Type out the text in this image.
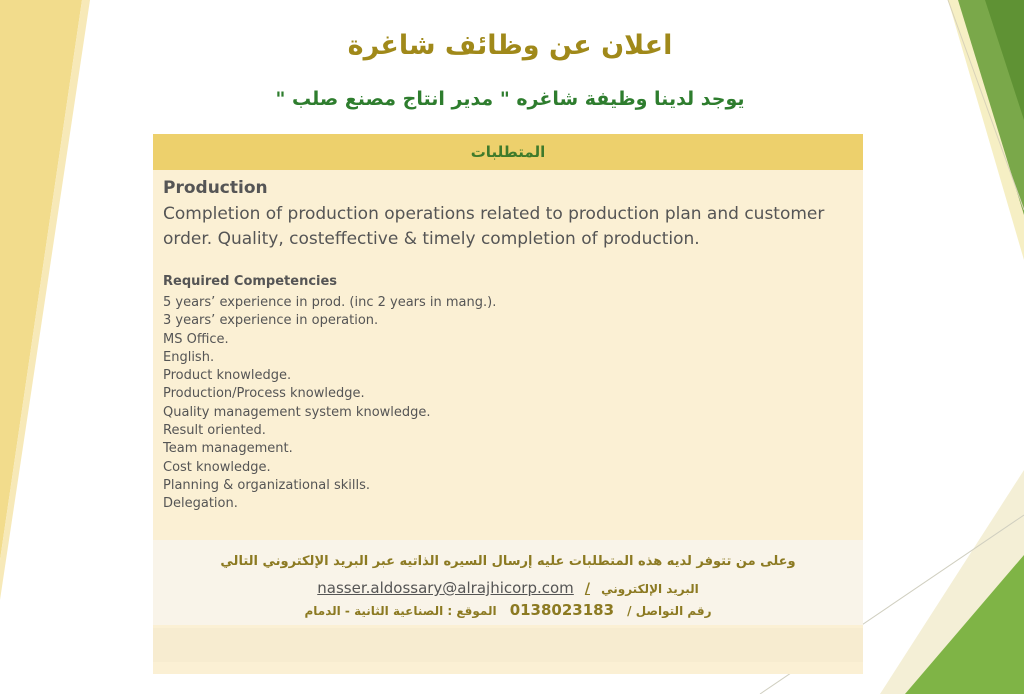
اعلان عن وظائف شاغرة
يوجد لدينا وظيفة شاغره " مدير انتاج مصنع صلب "
المتطلبات
Production
Completion of production operations related to production plan and customer order. Quality, costeffective & timely completion of production.
Required Competencies
5 years’ experience in prod. (inc 2 years in mang.).
3 years’ experience in operation.
MS Office.
English.
Product knowledge.
Production/Process knowledge.
Quality management system knowledge.
Result oriented.
Team management.
Cost knowledge.
Planning & organizational skills.
Delegation.
وعلى من تتوفر لديه هذه المتطلبات عليه إرسال السيره الذاتيه عبر البريد الإلكتروني التالي
البريد الإلكتروني / nasser.aldossary@alrajhicorp.com
رقم التواصل / 0138023183 الموقع : الصناعية الثانية - الدمام
